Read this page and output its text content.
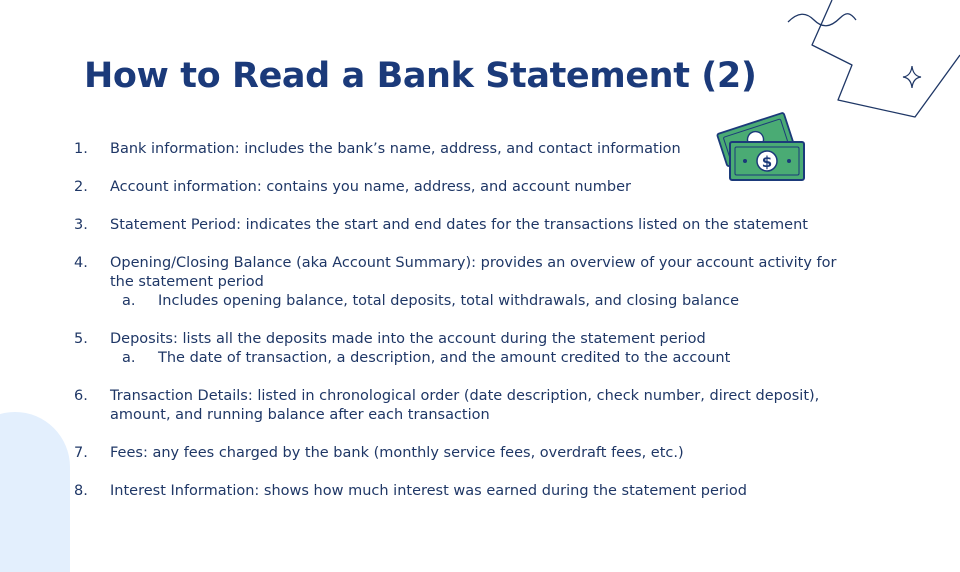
$
How to Read a Bank Statement (2)
1. Bank information: includes the bank’s name, address, and contact information
2. Account information: contains you name, address, and account number
3. Statement Period: indicates the start and end dates for the transactions listed on the statement
4. Opening/Closing Balance (aka Account Summary): provides an overview of your account activity for the statement period
a. Includes opening balance, total deposits, total withdrawals, and closing balance
5. Deposits: lists all the deposits made into the account during the statement period
a. The date of transaction, a description, and the amount credited to the account
6. Transaction Details: listed in chronological order (date description, check number, direct deposit), amount, and running balance after each transaction
7. Fees: any fees charged by the bank (monthly service fees, overdraft fees, etc.)
8. Interest Information: shows how much interest was earned during the statement period
